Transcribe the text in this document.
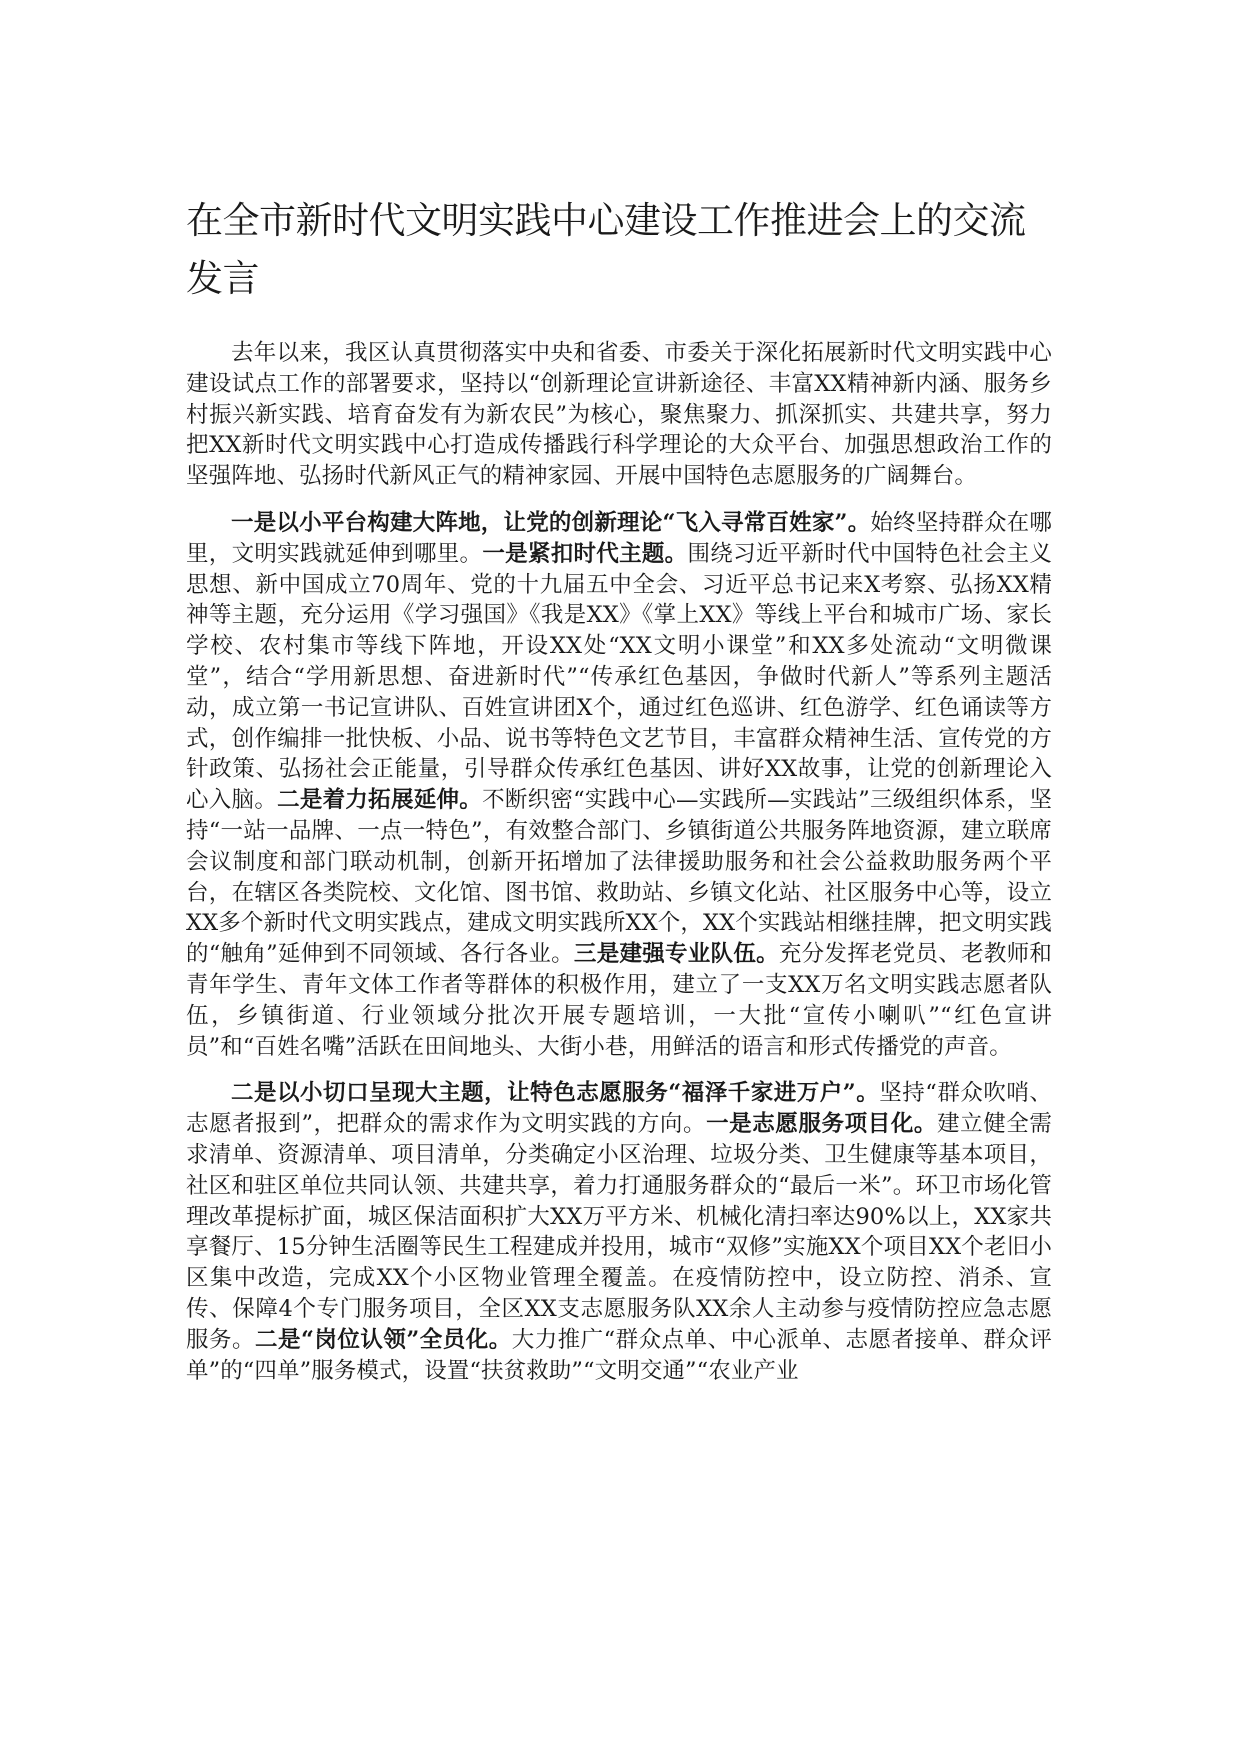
在全市新时代文明实践中心建设工作推进会上的交流发言

去年以来，我区认真贯彻落实中央和省委、市委关于深化拓展新时代文明实践中心建设试点工作的部署要求，坚持以“创新理论宣讲新途径、丰富XX精神新内涵、服务乡村振兴新实践、培育奋发有为新农民”为核心，聚焦聚力、抓深抓实、共建共享，努力把XX新时代文明实践中心打造成传播践行科学理论的大众平台、加强思想政治工作的坚强阵地、弘扬时代新风正气的精神家园、开展中国特色志愿服务的广阔舞台。

一是以小平台构建大阵地，让党的创新理论“飞入寻常百姓家”。始终坚持群众在哪里，文明实践就延伸到哪里。一是紧扣时代主题。围绕习近平新时代中国特色社会主义思想、新中国成立70周年、党的十九届五中全会、习近平总书记来X考察、弘扬XX精神等主题，充分运用《学习强国》《我是XX》《掌上XX》等线上平台和城市广场、家长学校、农村集市等线下阵地，开设XX处“XX文明小课堂”和XX多处流动“文明微课堂”，结合“学用新思想、奋进新时代”“传承红色基因，争做时代新人”等系列主题活动，成立第一书记宣讲队、百姓宣讲团X个，通过红色巡讲、红色游学、红色诵读等方式，创作编排一批快板、小品、说书等特色文艺节目，丰富群众精神生活、宣传党的方针政策、弘扬社会正能量，引导群众传承红色基因、讲好XX故事，让党的创新理论入心入脑。二是着力拓展延伸。不断织密“实践中心—实践所—实践站”三级组织体系，坚持“一站一品牌、一点一特色”，有效整合部门、乡镇街道公共服务阵地资源，建立联席会议制度和部门联动机制，创新开拓增加了法律援助服务和社会公益救助服务两个平台，在辖区各类院校、文化馆、图书馆、救助站、乡镇文化站、社区服务中心等，设立XX多个新时代文明实践点，建成文明实践所XX个，XX个实践站相继挂牌，把文明实践的“触角”延伸到不同领域、各行各业。三是建强专业队伍。充分发挥老党员、老教师和青年学生、青年文体工作者等群体的积极作用，建立了一支XX万名文明实践志愿者队伍，乡镇街道、行业领域分批次开展专题培训，一大批“宣传小喇叭”“红色宣讲员”和“百姓名嘴”活跃在田间地头、大街小巷，用鲜活的语言和形式传播党的声音。

二是以小切口呈现大主题，让特色志愿服务“福泽千家进万户”。坚持“群众吹哨、志愿者报到”，把群众的需求作为文明实践的方向。一是志愿服务项目化。建立健全需求清单、资源清单、项目清单，分类确定小区治理、垃圾分类、卫生健康等基本项目，社区和驻区单位共同认领、共建共享，着力打通服务群众的“最后一米”。环卫市场化管理改革提标扩面，城区保洁面积扩大XX万平方米、机械化清扫率达90%以上，XX家共享餐厅、15分钟生活圈等民生工程建成并投用，城市“双修”实施XX个项目XX个老旧小区集中改造，完成XX个小区物业管理全覆盖。在疫情防控中，设立防控、消杀、宣传、保障4个专门服务项目，全区XX支志愿服务队XX余人主动参与疫情防控应急志愿服务。二是“岗位认领”全员化。大力推广“群众点单、中心派单、志愿者接单、群众评单”的“四单”服务模式，设置“扶贫救助”“文明交通”“农业产业
